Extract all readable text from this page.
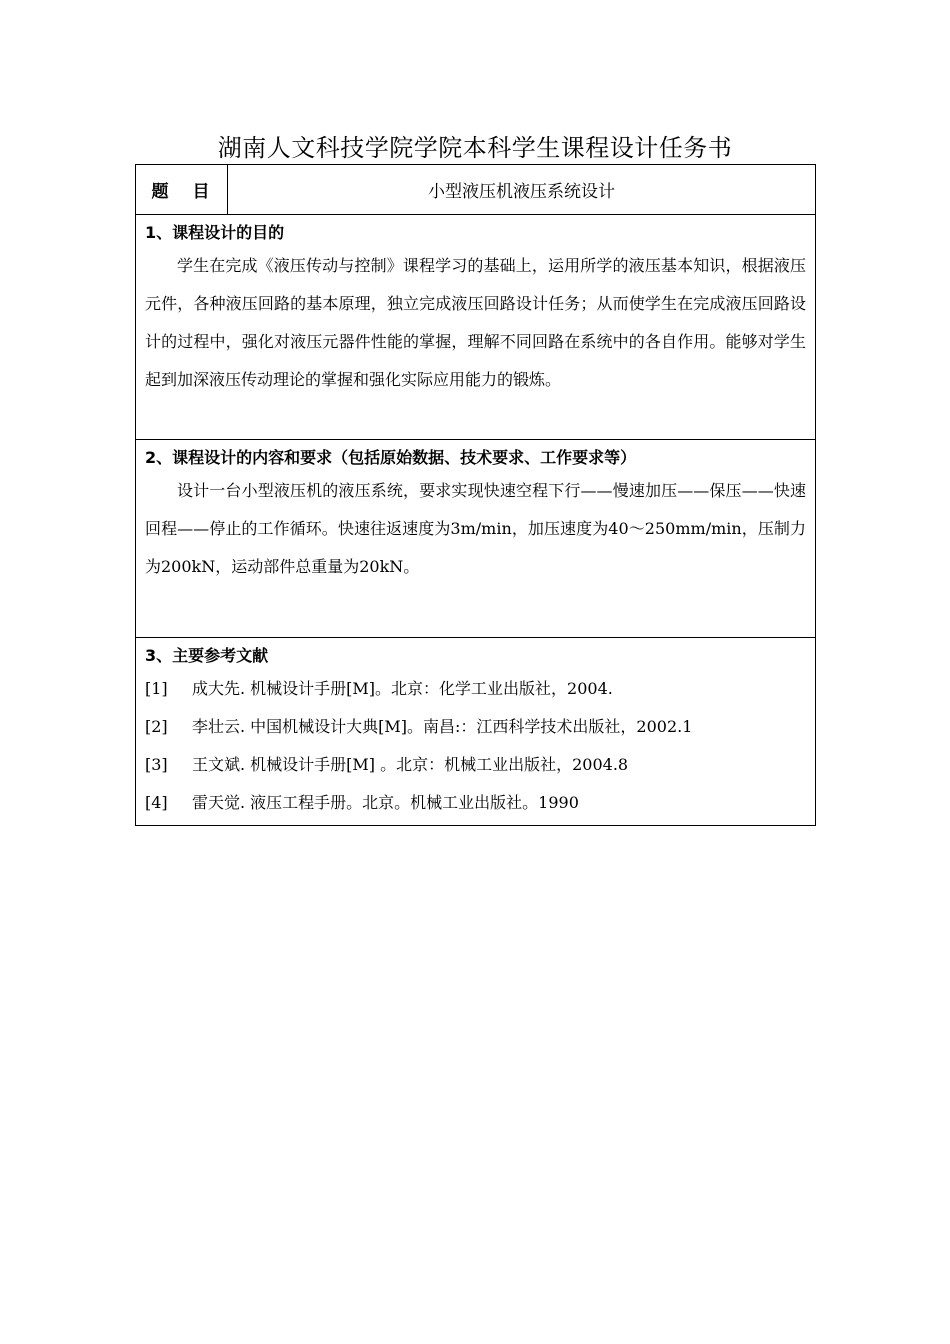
湖南人文科技学院学院本科学生课程设计任务书
题 目	小型液压机液压系统设计

1、课程设计的目的

学生在完成《液压传动与控制》课程学习的基础上，运用所学的液压基本知识，根据液压元件，各种液压回路的基本原理，独立完成液压回路设计任务；从而使学生在完成液压回路设计的过程中，强化对液压元器件性能的掌握，理解不同回路在系统中的各自作用。能够对学生起到加深液压传动理论的掌握和强化实际应用能力的锻炼。

2、课程设计的内容和要求（包括原始数据、技术要求、工作要求等）

设计一台小型液压机的液压系统，要求实现快速空程下行——慢速加压——保压——快速回程——停止的工作循环。快速往返速度为3m/min，加压速度为40～250mm/min，压制力为200kN，运动部件总重量为20kN。

3、主要参考文献

[1]	成大先. 机械设计手册[M]。北京：化学工业出版社，2004.

[2]	李壮云. 中国机械设计大典[M]。南昌:：江西科学技术出版社，2002.1

[3]	王文斌. 机械设计手册[M] 。北京：机械工业出版社，2004.8

[4]	雷天觉. 液压工程手册。北京。机械工业出版社。1990
